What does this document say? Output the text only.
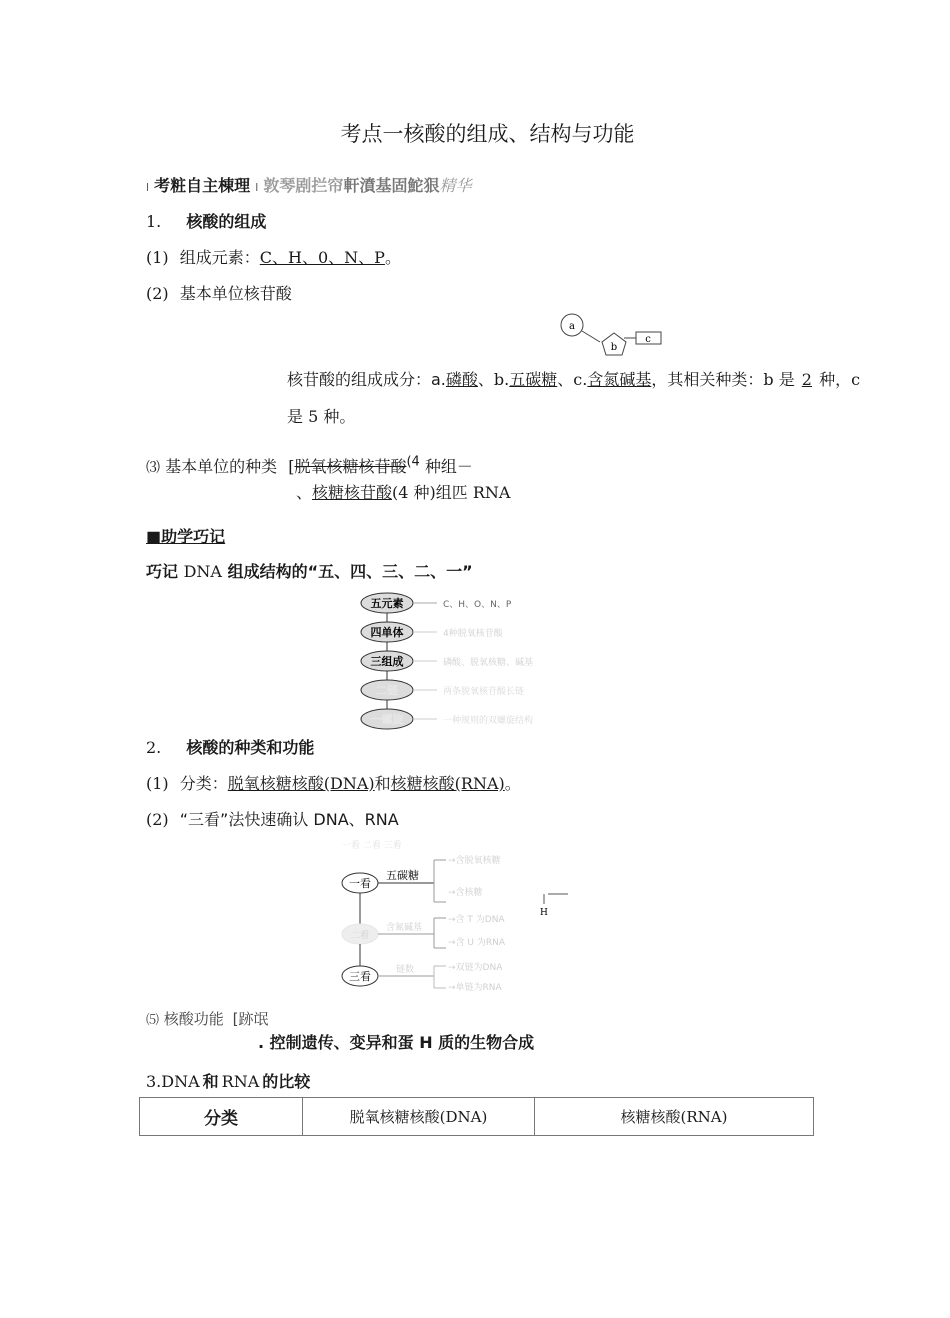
考点一核酸的组成、结构与功能
l 考粧自主棟理 l 敦琴剧拦帘軒濆基固鮀狠精华
1. 核酸的组成
(1) 组成元素：C、H、0、N、P。
(2) 基本单位核苷酸
a
b
c
核苷酸的组成成分：a.磷酸、b.五碳糖、c.含氮碱基，其相关种类：b 是 2 种，c
是 5 种。
⑶ 基本单位的种类 [脱氧核糖核苷酸$^{(4}$ 种组－
、核糖核苷酸(4 种)组匹 RNA
■助学巧记
巧记 DNA 组成结构的“五、四、三、二、一”
五元素	C、H、O、N、P
四单体	4种脱氧核苷酸
三组成	磷酸、脱氧核糖、碱基
二链	两条脱氧核苷酸长链
一螺旋	一种规则的双螺旋结构
2. 核酸的种类和功能
(1) 分类：脱氧核糖核酸(DNA)和核糖核酸(RNA)。
(2) “三看”法快速确认 DNA、RNA
一看 二看 三看
一看
五碳糖
→含脱氧核糖
→含核糖
H
二看
含氮碱基
→含 T 为DNA
→含 U 为RNA
三看	链数	→双链为DNA
→单链为RNA
⑸ 核酸功能 [跡氓
. 控制遗传、变异和蛋 H 质的生物合成
3.DNA 和 RNA 的比较
分类	脱氧核糖核酸(DNA)	核糖核酸(RNA)
